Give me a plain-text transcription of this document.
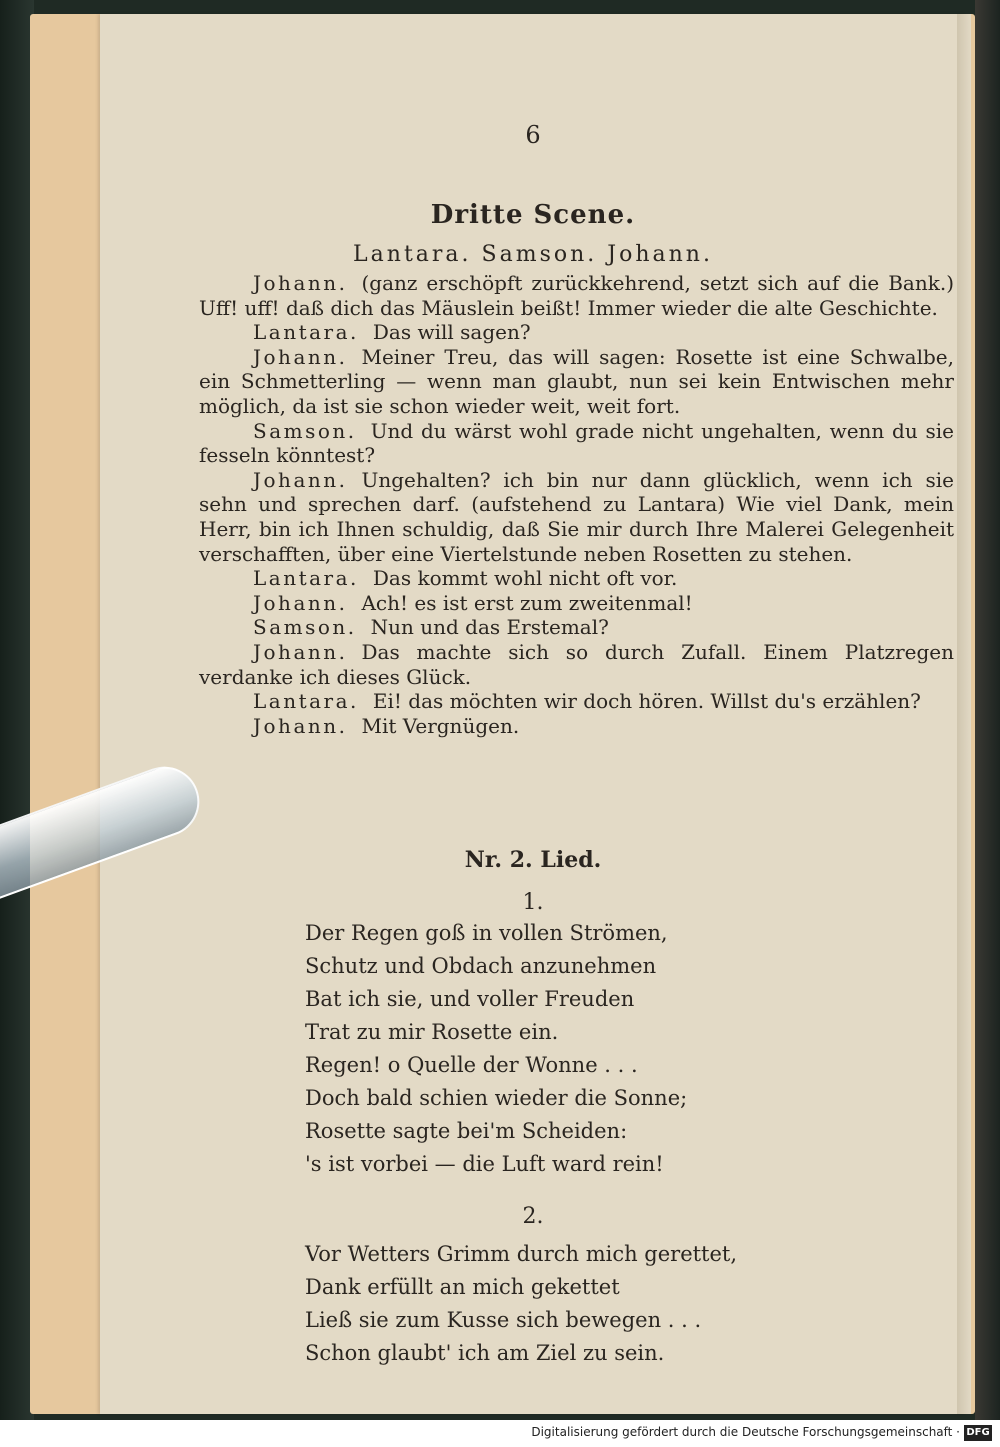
6
Dritte Scene.
Lantara. Samson. Johann.

Johann. (ganz erschöpft zurückkehrend, setzt sich auf die Bank.) Uff! uff! daß dich das Mäuslein beißt! Immer wieder die alte Geschichte.

Lantara. Das will sagen?

Johann. Meiner Treu, das will sagen: Rosette ist eine Schwalbe, ein Schmetterling — wenn man glaubt, nun sei kein Entwischen mehr möglich, da ist sie schon wieder weit, weit fort.

Samson. Und du wärst wohl grade nicht ungehalten, wenn du sie fesseln könntest?

Johann. Ungehalten? ich bin nur dann glücklich, wenn ich sie sehn und sprechen darf. (aufstehend zu Lantara) Wie viel Dank, mein Herr, bin ich Ihnen schuldig, daß Sie mir durch Ihre Malerei Gelegenheit verschafften, über eine Viertelstunde neben Rosetten zu stehen.

Lantara. Das kommt wohl nicht oft vor.

Johann. Ach! es ist erst zum zweitenmal!

Samson. Nun und das Erstemal?

Johann. Das machte sich so durch Zufall. Einem Platzregen verdanke ich dieses Glück.

Lantara. Ei! das möchten wir doch hören. Willst du's erzählen?

Johann. Mit Vergnügen.

Nr. 2. Lied.
1.
Der Regen goß in vollen Strömen,
Schutz und Obdach anzunehmen
Bat ich sie, und voller Freuden
Trat zu mir Rosette ein.
Regen! o Quelle der Wonne . . .
Doch bald schien wieder die Sonne;
Rosette sagte bei'm Scheiden:
's ist vorbei — die Luft ward rein!
2.
Vor Wetters Grimm durch mich gerettet,
Dank erfüllt an mich gekettet
Ließ sie zum Kusse sich bewegen . . .
Schon glaubt' ich am Ziel zu sein.
Digitalisierung gefördert durch die Deutsche Forschungsgemeinschaft · DFG
